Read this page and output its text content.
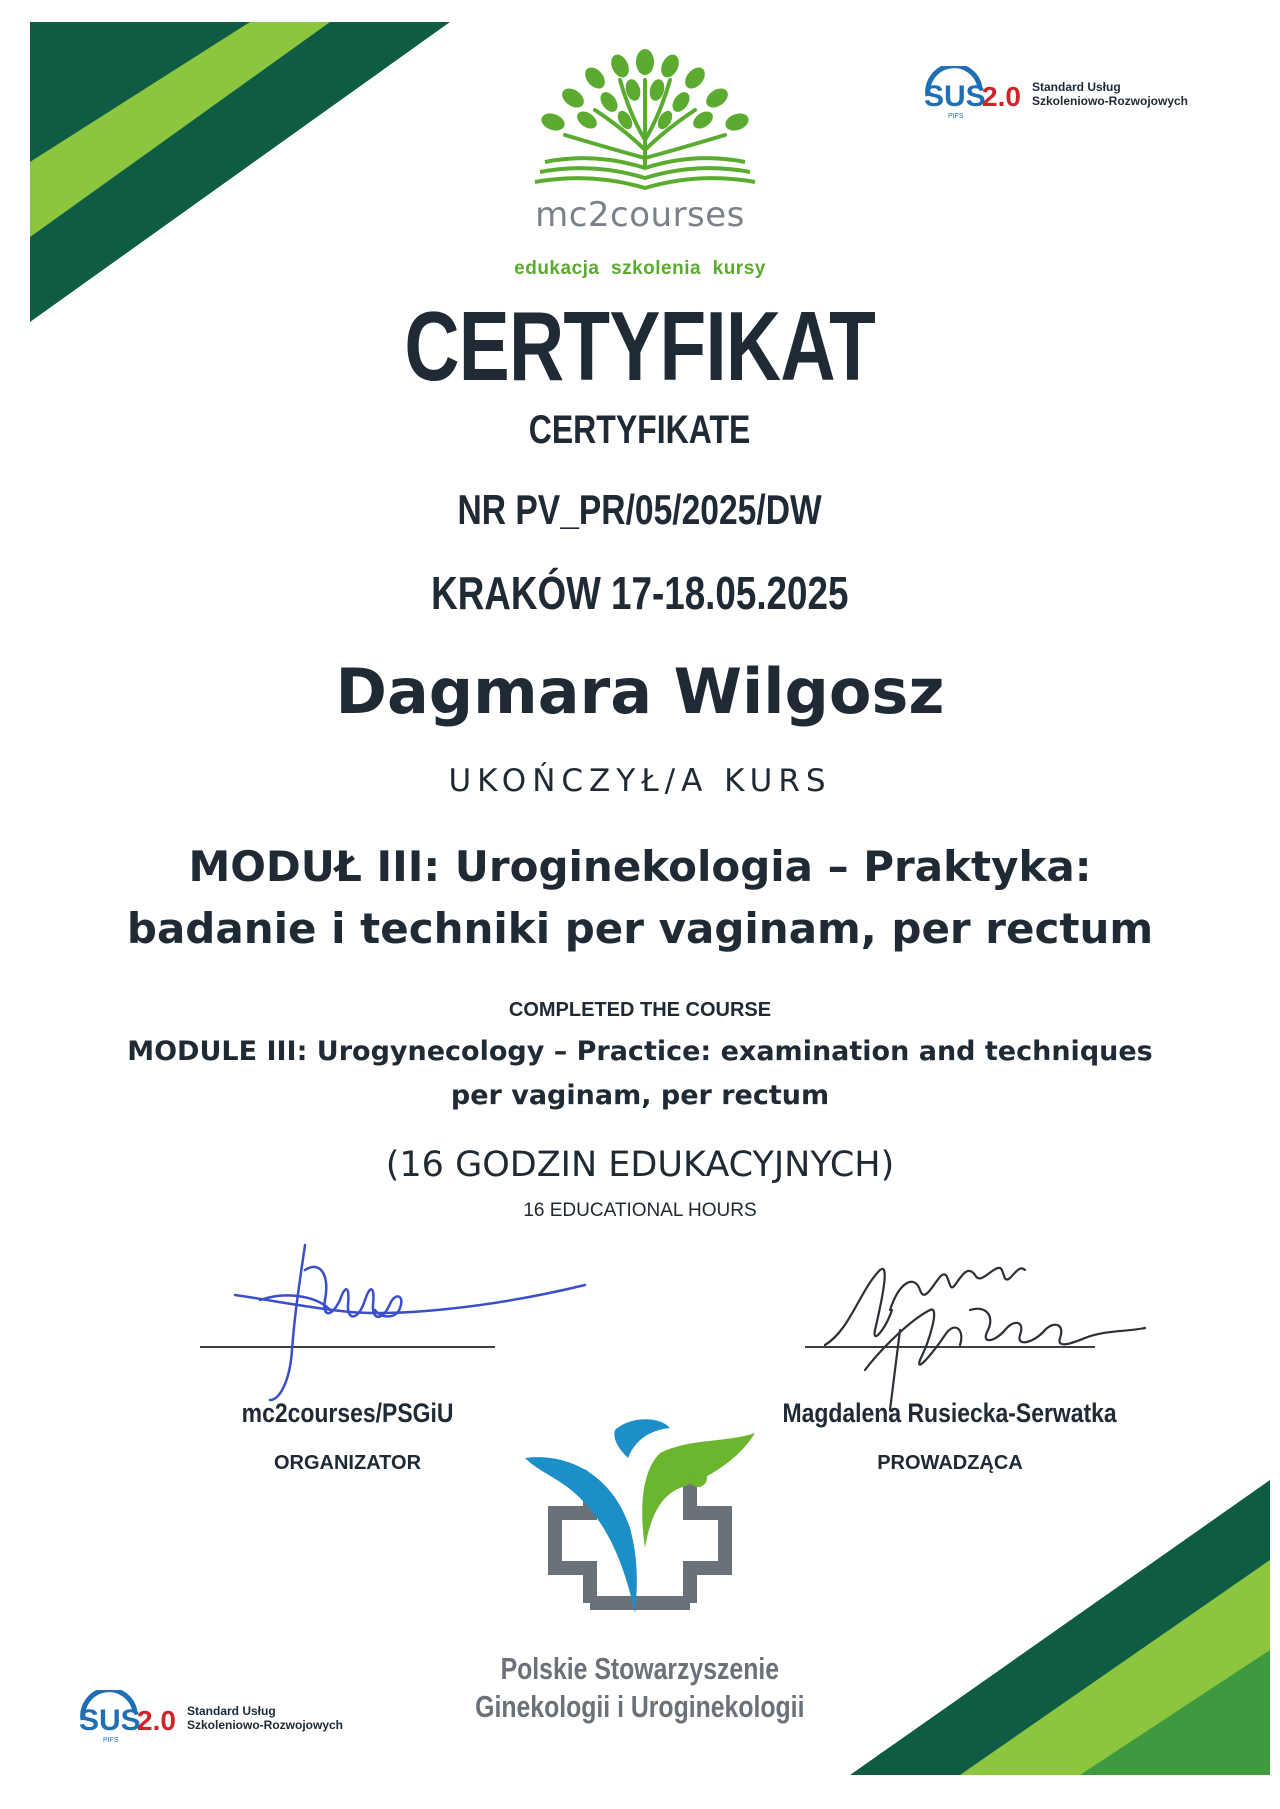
mc2courses
edukacja  szkolenia  kursy
SUS
2.0
PIFS
Standard Usług
Szkoleniowo-Rozwojowych
CERTYFIKAT
CERTYFIKATE
NR PV_PR/05/2025/DW
KRAKÓW 17-18.05.2025
Dagmara Wilgosz
UKOŃCZYŁ/A KURS
MODUŁ III: Uroginekologia – Praktyka:
badanie i techniki per vaginam, per rectum
COMPLETED THE COURSE
MODULE III: Urogynecology – Practice: examination and techniques
per vaginam, per rectum
(16 GODZIN EDUKACYJNYCH)
16 EDUCATIONAL HOURS
mc2courses/PSGiU
ORGANIZATOR
Magdalena Rusiecka-Serwatka
PROWADZĄCA
Polskie Stowarzyszenie
Ginekologii i Uroginekologii
SUS
2.0
PIFS
Standard Usług
Szkoleniowo-Rozwojowych
